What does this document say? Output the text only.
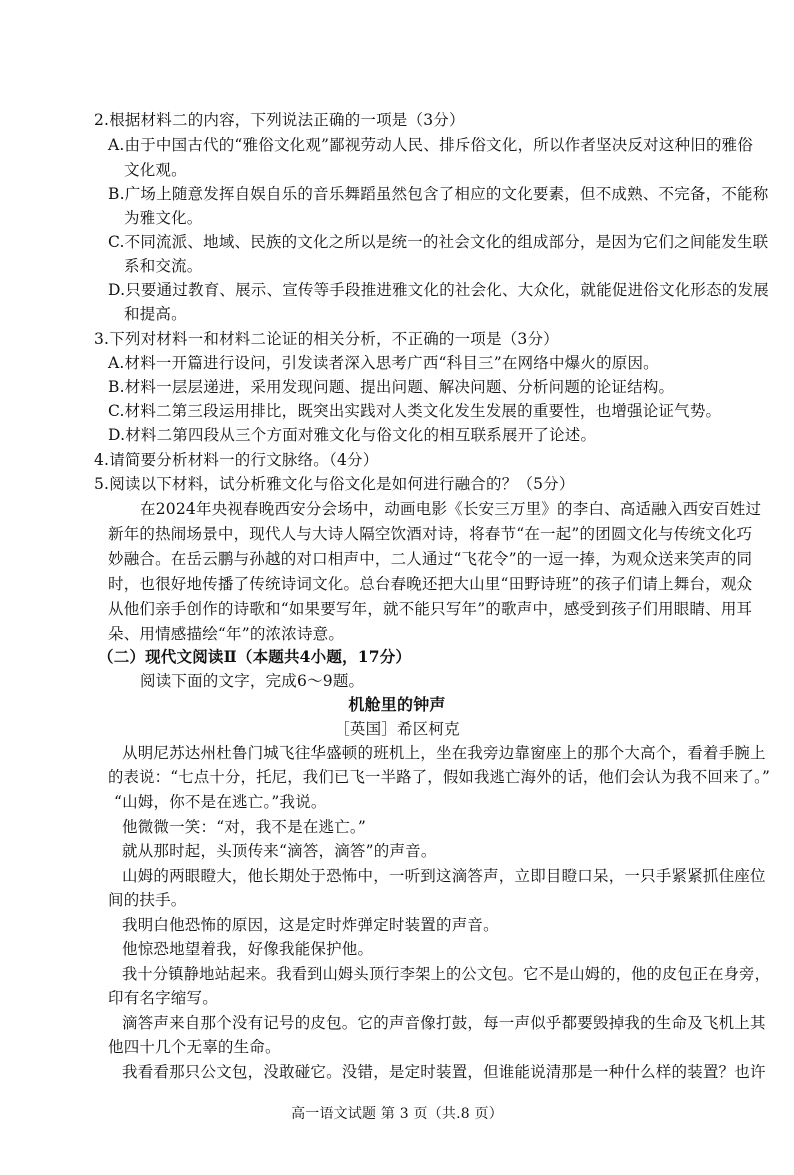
2.根据材料二的内容，下列说法正确的一项是（3分）
A.由于中国古代的“雅俗文化观”鄙视劳动人民、排斥俗文化，所以作者坚决反对这种旧的雅俗
文化观。
B.广场上随意发挥自娱自乐的音乐舞蹈虽然包含了相应的文化要素，但不成熟、不完备，不能称
为雅文化。
C.不同流派、地域、民族的文化之所以是统一的社会文化的组成部分，是因为它们之间能发生联
系和交流。
D.只要通过教育、展示、宣传等手段推进雅文化的社会化、大众化，就能促进俗文化形态的发展
和提高。
3.下列对材料一和材料二论证的相关分析，不正确的一项是（3分）
A.材料一开篇进行设问，引发读者深入思考广西“科目三”在网络中爆火的原因。
B.材料一层层递进，采用发现问题、提出问题、解决问题、分析问题的论证结构。
C.材料二第三段运用排比，既突出实践对人类文化发生发展的重要性，也增强论证气势。
D.材料二第四段从三个方面对雅文化与俗文化的相互联系展开了论述。
4.请简要分析材料一的行文脉络。（4分）
5.阅读以下材料，试分析雅文化与俗文化是如何进行融合的？（5分）
在2024年央视春晚西安分会场中，动画电影《长安三万里》的李白、高适融入西安百姓过
新年的热闹场景中，现代人与大诗人隔空饮酒对诗，将春节“在一起”的团圆文化与传统文化巧
妙融合。在岳云鹏与孙越的对口相声中，二人通过“飞花令”的一逗一捧，为观众送来笑声的同
时，也很好地传播了传统诗词文化。总台春晚还把大山里“田野诗班”的孩子们请上舞台，观众
从他们亲手创作的诗歌和“如果要写年，就不能只写年”的歌声中，感受到孩子们用眼睛、用耳
朵、用情感描绘“年”的浓浓诗意。
（二）现代文阅读Ⅱ（本题共4小题，17分）
阅读下面的文字，完成6～9题。
机舱里的钟声
［英国］希区柯克
从明尼苏达州杜鲁门城飞往华盛顿的班机上，坐在我旁边靠窗座上的那个大高个，看着手腕上
的表说：“七点十分，托尼，我们已飞一半路了，假如我逃亡海外的话，他们会认为我不回来了。”
“山姆，你不是在逃亡。”我说。
他微微一笑：“对，我不是在逃亡。”
就从那时起，头顶传来“滴答，滴答”的声音。
山姆的两眼瞪大，他长期处于恐怖中，一听到这滴答声，立即目瞪口呆，一只手紧紧抓住座位
间的扶手。
我明白他恐怖的原因，这是定时炸弹定时装置的声音。
他惊恐地望着我，好像我能保护他。
我十分镇静地站起来。我看到山姆头顶行李架上的公文包。它不是山姆的，他的皮包正在身旁，
印有名字缩写。
滴答声来自那个没有记号的皮包。它的声音像打鼓，每一声似乎都要毁掉我的生命及飞机上其
他四十几个无辜的生命。
我看看那只公文包，没敢碰它。没错，是定时装置，但谁能说清那是一种什么样的装置？也许
高一语文试题 第 3 页（共.8 页）
